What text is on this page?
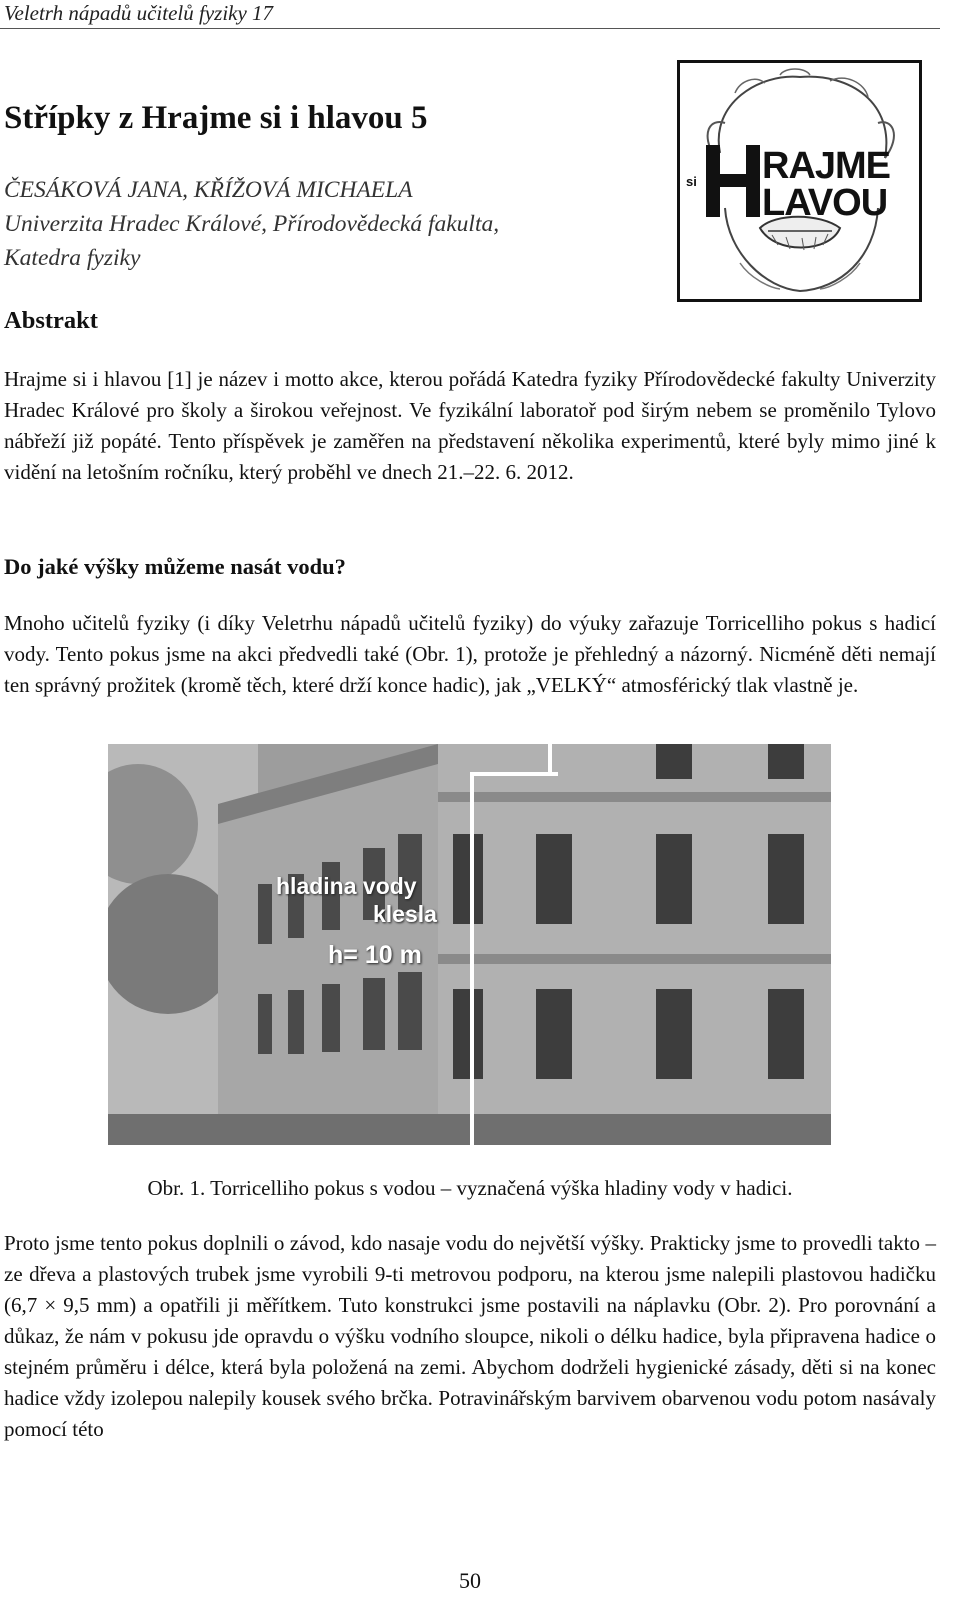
Veletrh nápadů učitelů fyziky 17
Střípky z Hrajme si i hlavou 5
ČESÁKOVÁ JANA, KŘÍŽOVÁ MICHAELA
Univerzita Hradec Králové, Přírodovědecká fakulta,
Katedra fyziky
si RAJME
LAVOU
Abstrakt

Hrajme si i hlavou [1] je název i motto akce, kterou pořádá Katedra fyziky Přírodovědecké fakulty Univerzity Hradec Králové pro školy a širokou veřejnost. Ve fyzikální laboratoř pod širým nebem se proměnilo Tylovo nábřeží již popáté. Tento příspěvek je zaměřen na představení několika experimentů, které byly mimo jiné k vidění na letošním ročníku, který proběhl ve dnech 21.–22. 6. 2012.

Do jaké výšky můžeme nasát vodu?

Mnoho učitelů fyziky (i díky Veletrhu nápadů učitelů fyziky) do výuky zařazuje Torricelliho pokus s hadicí vody. Tento pokus jsme na akci předvedli také (Obr. 1), protože je přehledný a názorný. Nicméně děti nemají ten správný prožitek (kromě těch, které drží konce hadic), jak „VELKÝ“ atmosférický tlak vlastně je.

hladina vody
klesla
h= 10 m
Obr. 1. Torricelliho pokus s vodou – vyznačená výška hladiny vody v hadici.

Proto jsme tento pokus doplnili o závod, kdo nasaje vodu do největší výšky. Prakticky jsme to provedli takto – ze dřeva a plastových trubek jsme vyrobili 9-ti metrovou podporu, na kterou jsme nalepili plastovou hadičku (6,7 × 9,5 mm) a opatřili ji měřítkem. Tuto konstrukci jsme postavili na náplavku (Obr. 2). Pro porovnání a důkaz, že nám v pokusu jde opravdu o výšku vodního sloupce, nikoli o délku hadice, byla připravena hadice o stejném průměru i délce, která byla položená na zemi. Abychom dodrželi hygienické zásady, děti si na konec hadice vždy izolepou nalepily kousek svého brčka. Potravinářským barvivem obarvenou vodu potom nasávaly pomocí této

50
